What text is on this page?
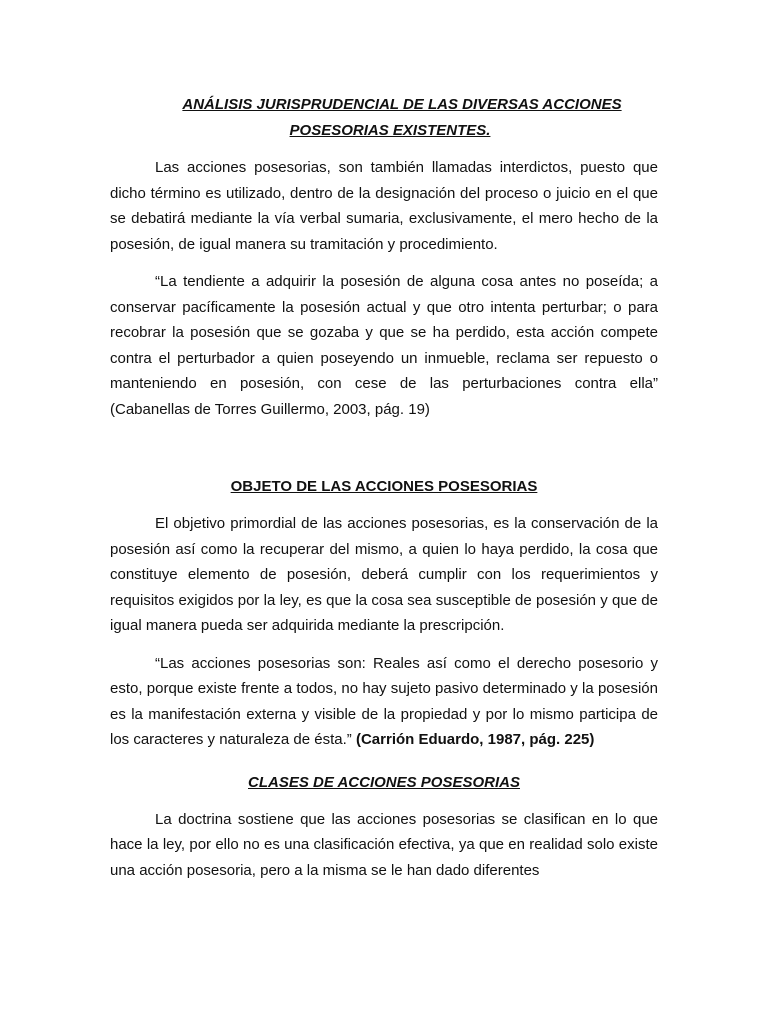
ANÁLISIS JURISPRUDENCIAL DE LAS DIVERSAS ACCIONES
POSESORIAS EXISTENTES.

Las acciones posesorias, son también llamadas interdictos, puesto que dicho término es utilizado, dentro de la designación del proceso o juicio en el que se debatirá mediante la vía verbal sumaria, exclusivamente, el mero hecho de la posesión, de igual manera su tramitación y procedimiento.

“La tendiente a adquirir la posesión de alguna cosa antes no poseída; a conservar pacíficamente la posesión actual y que otro intenta perturbar; o para recobrar la posesión que se gozaba y que se ha perdido, esta acción compete contra el perturbador a quien poseyendo un inmueble, reclama ser repuesto o manteniendo en posesión, con cese de las perturbaciones contra ella” (Cabanellas de Torres Guillermo, 2003, pág. 19)

OBJETO DE LAS ACCIONES POSESORIAS

El objetivo primordial de las acciones posesorias, es la conservación de la posesión así como la recuperar del mismo, a quien lo haya perdido, la cosa que constituye elemento de posesión, deberá cumplir con los requerimientos y requisitos exigidos por la ley, es que la cosa sea susceptible de posesión y que de igual manera pueda ser adquirida mediante la prescripción.

“Las acciones posesorias son: Reales así como el derecho posesorio y esto, porque existe frente a todos, no hay sujeto pasivo determinado y la posesión es la manifestación externa y visible de la propiedad y por lo mismo participa de los caracteres y naturaleza de ésta.” (Carrión Eduardo, 1987, pág. 225)

CLASES DE ACCIONES POSESORIAS

La doctrina sostiene que las acciones posesorias se clasifican en lo que hace la ley, por ello no es una clasificación efectiva, ya que en realidad solo existe una acción posesoria, pero a la misma se le han dado diferentes
